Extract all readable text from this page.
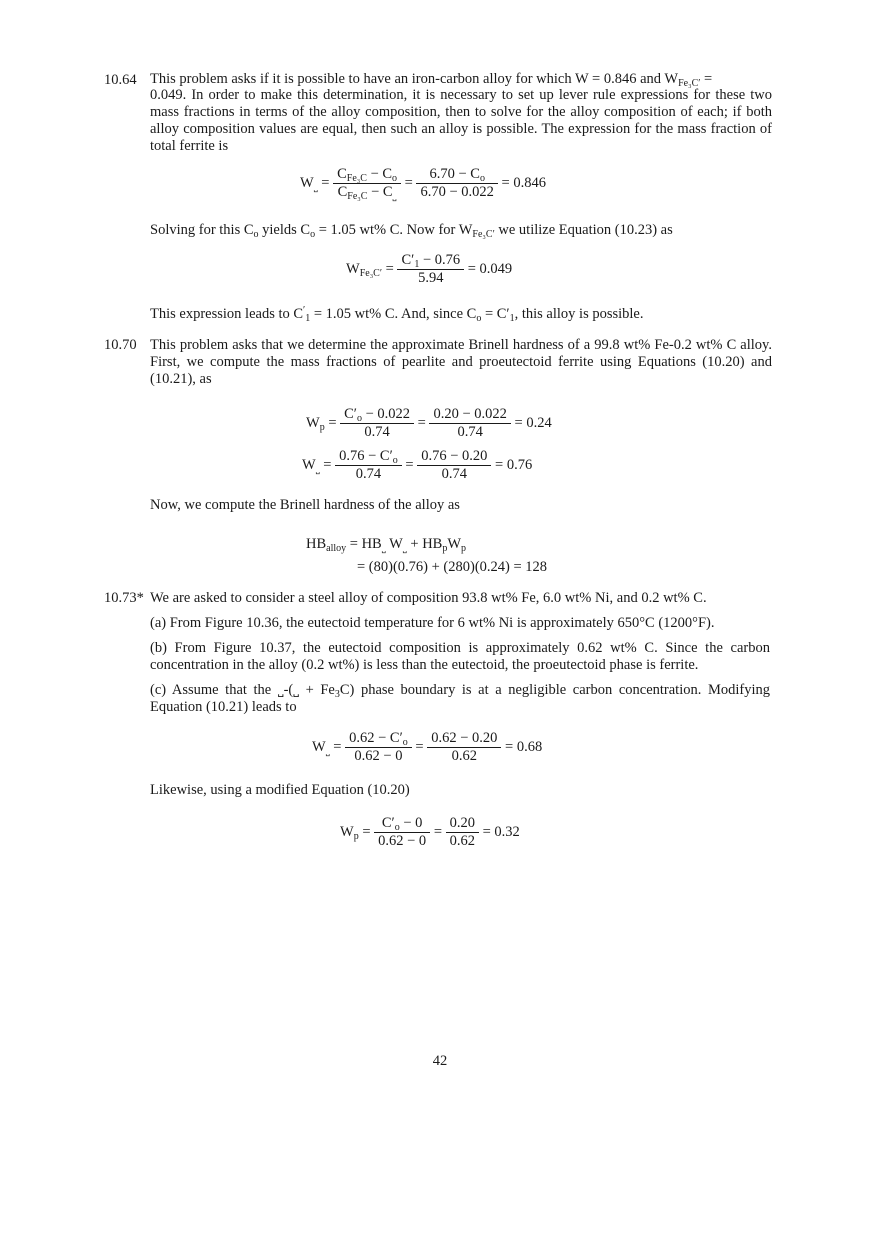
10.64 This problem asks if it is possible to have an iron-carbon alloy for which W = 0.846 and $W_{Fe_3C'}$ =

0.049. In order to make this determination, it is necessary to set up lever rule expressions for these two mass fractions in terms of the alloy composition, then to solve for the alloy composition of each; if both alloy composition values are equal, then such an alloy is possible. The expression for the mass fraction of total ferrite is
$W_˽ = \frac{C_{Fe_3C} - C_o}{C_{Fe_3C} - C_˽} = \frac{6.70 - C_o}{6.70 - 0.022} = 0.846$
Solving for this $C_o$ yields $C_o = 1.05$ wt% C. Now for $W_{Fe_3C'}$ we utilize Equation (10.23) as
$W_{Fe_3C'} = \frac{C'_1 - 0.76}{5.94} = 0.049$
This expression leads to $C'_1 = 1.05$ wt% C. And, since $C_o = C'_1$, this alloy is possible.
10.70 This problem asks that we determine the approximate Brinell hardness of a 99.8 wt% Fe-0.2 wt% C alloy. First, we compute the mass fractions of pearlite and proeutectoid ferrite using Equations (10.20) and (10.21), as
$W_p = \frac{C'_o - 0.022}{0.74} = \frac{0.20 - 0.022}{0.74} = 0.24$
$W_˽ = \frac{0.76 - C'_o}{0.74} = \frac{0.76 - 0.20}{0.74} = 0.76$
Now, we compute the Brinell hardness of the alloy as
$HB_{alloy} = HB_˽$ $W_˽ + HB_pW_p$
= (80)(0.76) + (280)(0.24) = 128
10.73* We are asked to consider a steel alloy of composition 93.8 wt% Fe, 6.0 wt% Ni, and 0.2 wt% C.
(a) From Figure 10.36, the eutectoid temperature for 6 wt% Ni is approximately 650°C (1200°F).
(b) From Figure 10.37, the eutectoid composition is approximately 0.62 wt% C. Since the carbon concentration in the alloy (0.2 wt%) is less than the eutectoid, the proeutectoid phase is ferrite.
(c) Assume that the ˽-(˽ + $Fe_3C$) phase boundary is at a negligible carbon concentration. Modifying Equation (10.21) leads to
$W_˽ = \frac{0.62 - C'_o}{0.62 - 0} = \frac{0.62 - 0.20}{0.62} = 0.68$
Likewise, using a modified Equation (10.20)
$W_p = \frac{C'_o - 0}{0.62 - 0} = \frac{0.20}{0.62} = 0.32$
42
